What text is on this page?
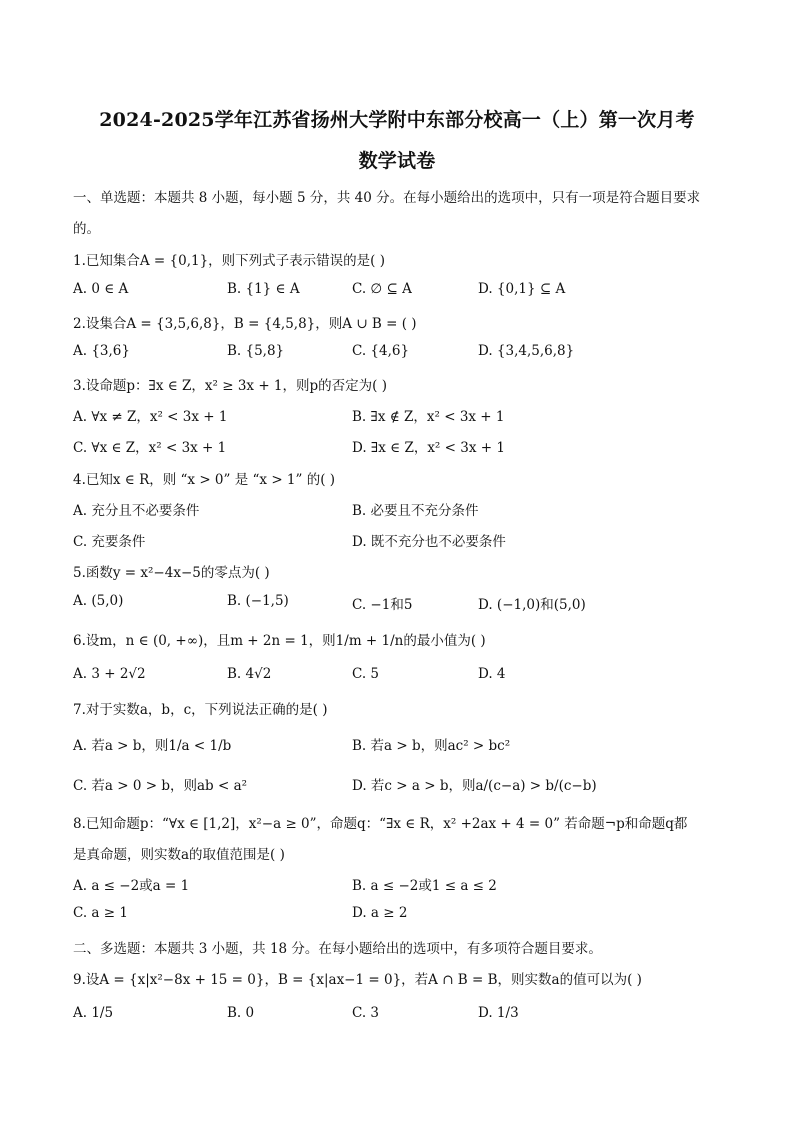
2024-2025学年江苏省扬州大学附中东部分校高一（上）第一次月考
数学试卷
一、单选题：本题共 8 小题，每小题 5 分，共 40 分。在每小题给出的选项中，只有一项是符合题目要求
的。
1.已知集合A = {0,1}，则下列式子表示错误的是( )
A. 0 ∈ A	B. {1} ∈ A	C. ∅ ⊆ A	D. {0,1} ⊆ A
2.设集合A = {3,5,6,8}，B = {4,5,8}，则A ∪ B = ( )
A. {3,6}	B. {5,8}	C. {4,6}	D. {3,4,5,6,8}
3.设命题p：∃x ∈ Z，x² ≥ 3x + 1，则p的否定为( )
A. ∀x ≠ Z，x² < 3x + 1	B. ∃x ∉ Z，x² < 3x + 1
C. ∀x ∈ Z，x² < 3x + 1	D. ∃x ∈ Z，x² < 3x + 1
4.已知x ∈ R，则 “x > 0” 是 “x > 1” 的( )
A. 充分且不必要条件	B. 必要且不充分条件
C. 充要条件	D. 既不充分也不必要条件
5.函数y = x²−4x−5的零点为( )
A. (5,0)	B. (−1,5)	C. −1和5	D. (−1,0)和(5,0)
6.设m，n ∈ (0, +∞)，且m + 2n = 1，则1/m + 1/n的最小值为( )
A. 3 + 2√2	B. 4√2	C. 5	D. 4
7.对于实数a，b，c，下列说法正确的是( )
A. 若a > b，则1/a < 1/b	B. 若a > b，则ac² > bc²
C. 若a > 0 > b，则ab < a²	D. 若c > a > b，则a/(c−a) > b/(c−b)
8.已知命题p：“∀x ∈ [1,2]，x²−a ≥ 0”，命题q：“∃x ∈ R，x² +2ax + 4 = 0” 若命题¬p和命题q都
是真命题，则实数a的取值范围是( )
A. a ≤ −2或a = 1	B. a ≤ −2或1 ≤ a ≤ 2
C. a ≥ 1	D. a ≥ 2
二、多选题：本题共 3 小题，共 18 分。在每小题给出的选项中，有多项符合题目要求。
9.设A = {x|x²−8x + 15 = 0}，B = {x|ax−1 = 0}，若A ∩ B = B，则实数a的值可以为( )
A. 1/5	B. 0	C. 3	D. 1/3
